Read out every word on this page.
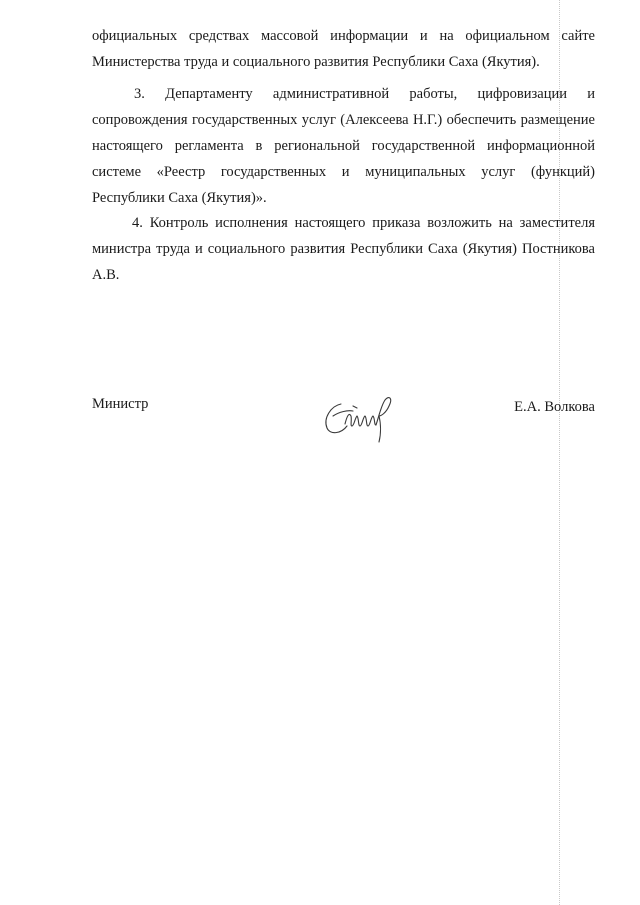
официальных средствах массовой информации и на официальном сайте Министерства труда и социального развития Республики Саха (Якутия).
3. Департаменту административной работы, цифровизации и сопровождения государственных услуг (Алексеева Н.Г.) обеспечить размещение настоящего регламента в региональной государственной информационной системе «Реестр государственных и муниципальных услуг (функций) Республики Саха (Якутия)».
4. Контроль исполнения настоящего приказа возложить на заместителя министра труда и социального развития Республики Саха (Якутия) Постникова А.В.
Министр	Е.А. Волкова
